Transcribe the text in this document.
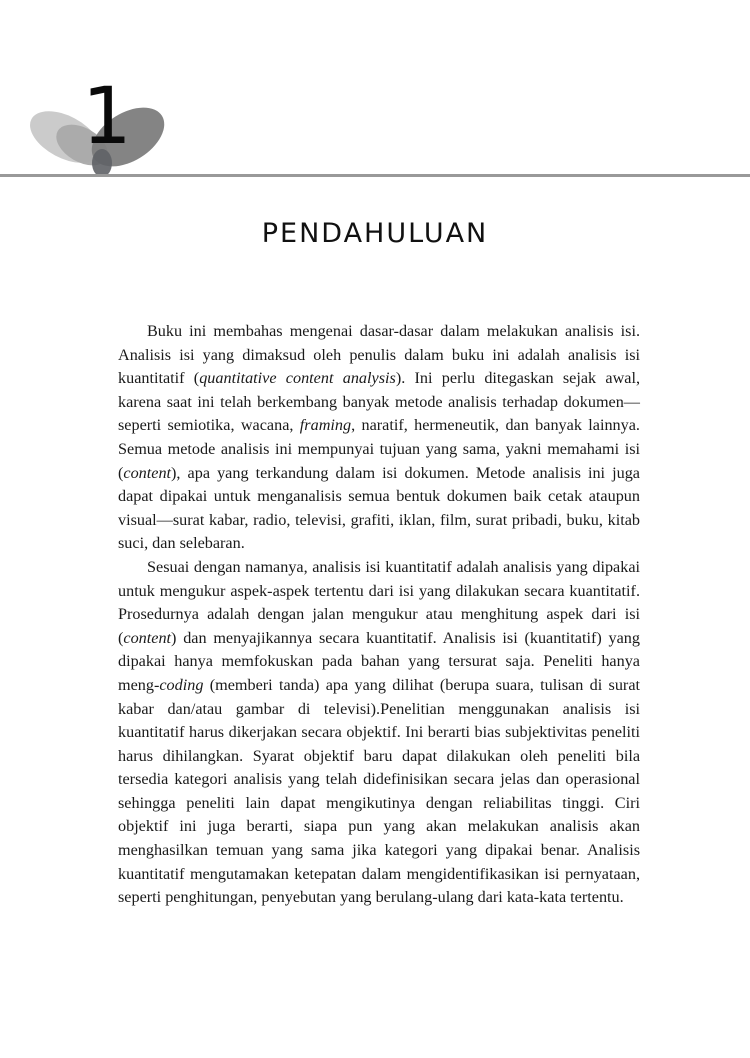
1
PENDAHULUAN

Buku ini membahas mengenai dasar-dasar dalam melakukan analisis isi. Analisis isi yang dimaksud oleh penulis dalam buku ini adalah analisis isi kuantitatif (quantitative content analysis). Ini perlu ditegaskan sejak awal, karena saat ini telah berkembang banyak metode analisis terhadap dokumen—seperti semiotika, wacana, framing, naratif, hermeneutik, dan banyak lainnya. Semua metode analisis ini mempunyai tujuan yang sama, yakni memahami isi (content), apa yang terkandung dalam isi dokumen. Metode analisis ini juga dapat dipakai untuk menganalisis semua bentuk dokumen baik cetak ataupun visual—surat kabar, radio, televisi, grafiti, iklan, film, surat pribadi, buku, kitab suci, dan selebaran.

Sesuai dengan namanya, analisis isi kuantitatif adalah analisis yang dipakai untuk mengukur aspek-aspek tertentu dari isi yang dilakukan secara kuantitatif. Prosedurnya adalah dengan jalan mengukur atau menghitung aspek dari isi (content) dan menyajikannya secara kuantitatif. Analisis isi (kuantitatif) yang dipakai hanya memfokuskan pada bahan yang tersurat saja. Peneliti hanya meng-coding (memberi tanda) apa yang dilihat (berupa suara, tulisan di surat kabar dan/atau gambar di televisi).Penelitian menggunakan analisis isi kuantitatif harus dikerjakan secara objektif. Ini berarti bias subjektivitas peneliti harus dihilangkan. Syarat objektif baru dapat dilakukan oleh peneliti bila tersedia kategori analisis yang telah didefinisikan secara jelas dan operasional sehingga peneliti lain dapat mengikutinya dengan reliabilitas tinggi. Ciri objektif ini juga berarti, siapa pun yang akan melakukan analisis akan menghasilkan temuan yang sama jika kategori yang dipakai benar. Analisis kuantitatif mengutamakan ketepatan dalam mengidentifikasikan isi pernyataan, seperti penghitungan, penyebutan yang berulang-ulang dari kata-kata tertentu.
